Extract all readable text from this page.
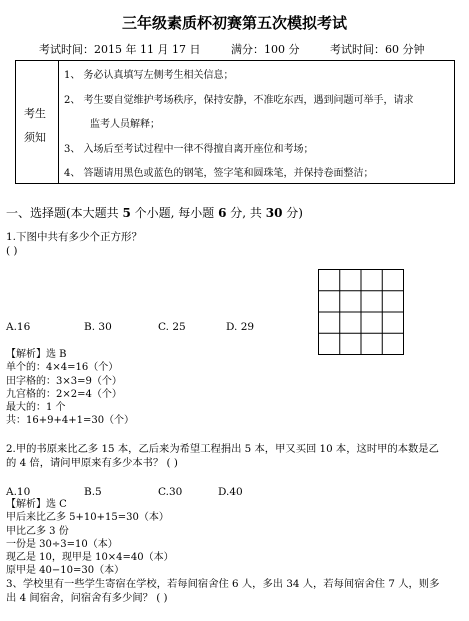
三年级素质杯初赛第五次模拟考试
考试时间：2015 年 11 月 17 日	满分：100 分	考试时间：60 分钟
考生
须知
1、 务必认真填写左侧考生相关信息；
2、 考生要自觉维护考场秩序，保持安静，不准吃东西，遇到问题可举手，请求
监考人员解释；
3、 入场后至考试过程中一律不得擅自离开座位和考场；
4、 答题请用黑色或蓝色的钢笔，签字笔和圆珠笔，并保持卷面整洁；
一、选择题(本大题共 5 个小题, 每小题 6 分, 共 30 分)
1.下图中共有多少个正方形？
( )
A.16	B. 30	C. 25	D. 29
【解析】选 B
单个的：4×4=16（个）
田字格的：3×3=9（个）
九宫格的：2×2=4（个）
最大的：1 个
共：16+9+4+1=30（个）
2.甲的书原来比乙多 15 本，乙后来为希望工程捐出 5 本，甲又买回 10 本，这时甲的本数是乙
的 4 倍，请问甲原来有多少本书？ ( )
A.10	B.5	C.30	D.40
【解析】选 C
甲后来比乙多 5+10+15=30（本）
甲比乙多 3 份
一份是 30÷3=10（本）
现乙是 10，现甲是 10×4=40（本）
原甲是 40−10=30（本）
3、学校里有一些学生寄宿在学校，若每间宿舍住 6 人，多出 34 人，若每间宿舍住 7 人，则多
出 4 间宿舍，问宿舍有多少间？ ( )
